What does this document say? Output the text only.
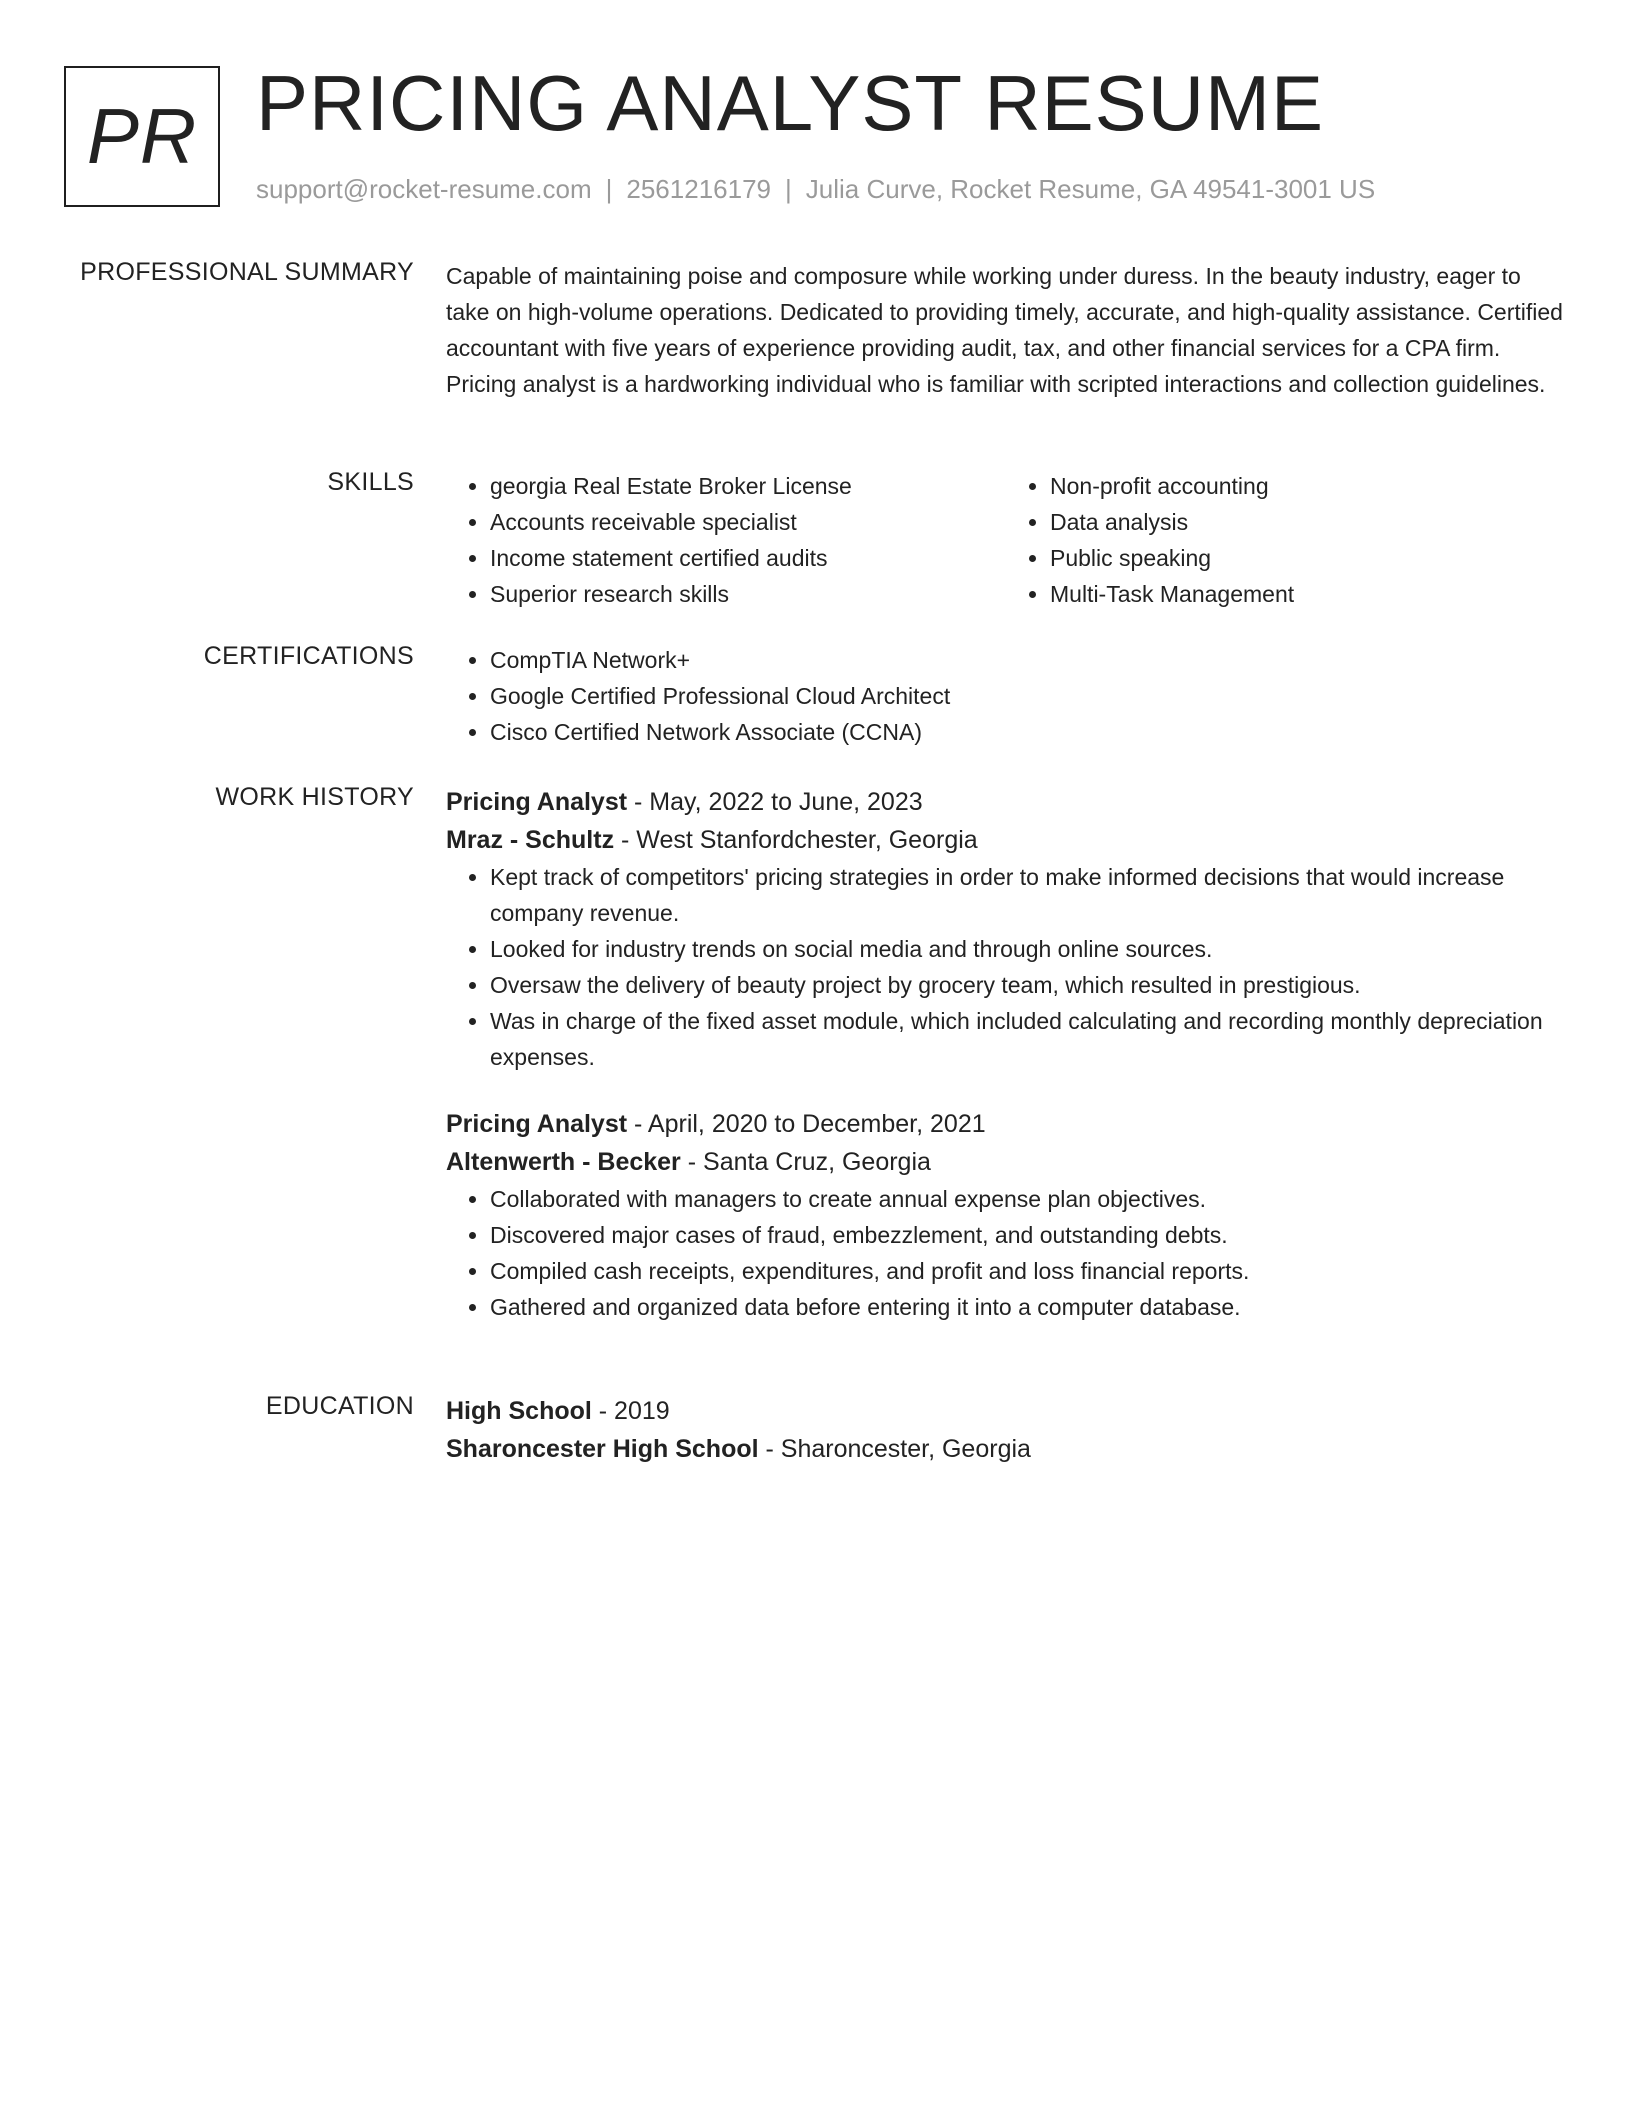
PR PRICING ANALYST RESUME
support@rocket-resume.com | 2561216179 | Julia Curve, Rocket Resume, GA 49541-3001 US
PROFESSIONAL SUMMARY Capable of maintaining poise and composure while working under duress. In the beauty industry, eager to take on high-volume operations. Dedicated to providing timely, accurate, and high-quality assistance. Certified accountant with five years of experience providing audit, tax, and other financial services for a CPA firm. Pricing analyst is a hardworking individual who is familiar with scripted interactions and collection guidelines.

SKILLS	• georgia Real Estate Broker License
• Accounts receivable specialist
• Income statement certified audits
• Superior research skills
• Non-profit accounting
• Data analysis
• Public speaking
• Multi-Task Management
CERTIFICATIONS	• CompTIA Network+
• Google Certified Professional Cloud Architect
• Cisco Certified Network Associate (CCNA)
WORK HISTORY Pricing Analyst - May, 2022 to June, 2023

Mraz - Schultz - West Stanfordchester, Georgia

• Kept track of competitors' pricing strategies in order to make informed decisions that would increase company revenue.
• Looked for industry trends on social media and through online sources.
• Oversaw the delivery of beauty project by grocery team, which resulted in prestigious.
• Was in charge of the fixed asset module, which included calculating and recording monthly depreciation expenses.

Pricing Analyst - April, 2020 to December, 2021

Altenwerth - Becker - Santa Cruz, Georgia

• Collaborated with managers to create annual expense plan objectives.
• Discovered major cases of fraud, embezzlement, and outstanding debts.
• Compiled cash receipts, expenditures, and profit and loss financial reports.
• Gathered and organized data before entering it into a computer database.
EDUCATION High School - 2019

Sharoncester High School - Sharoncester, Georgia
